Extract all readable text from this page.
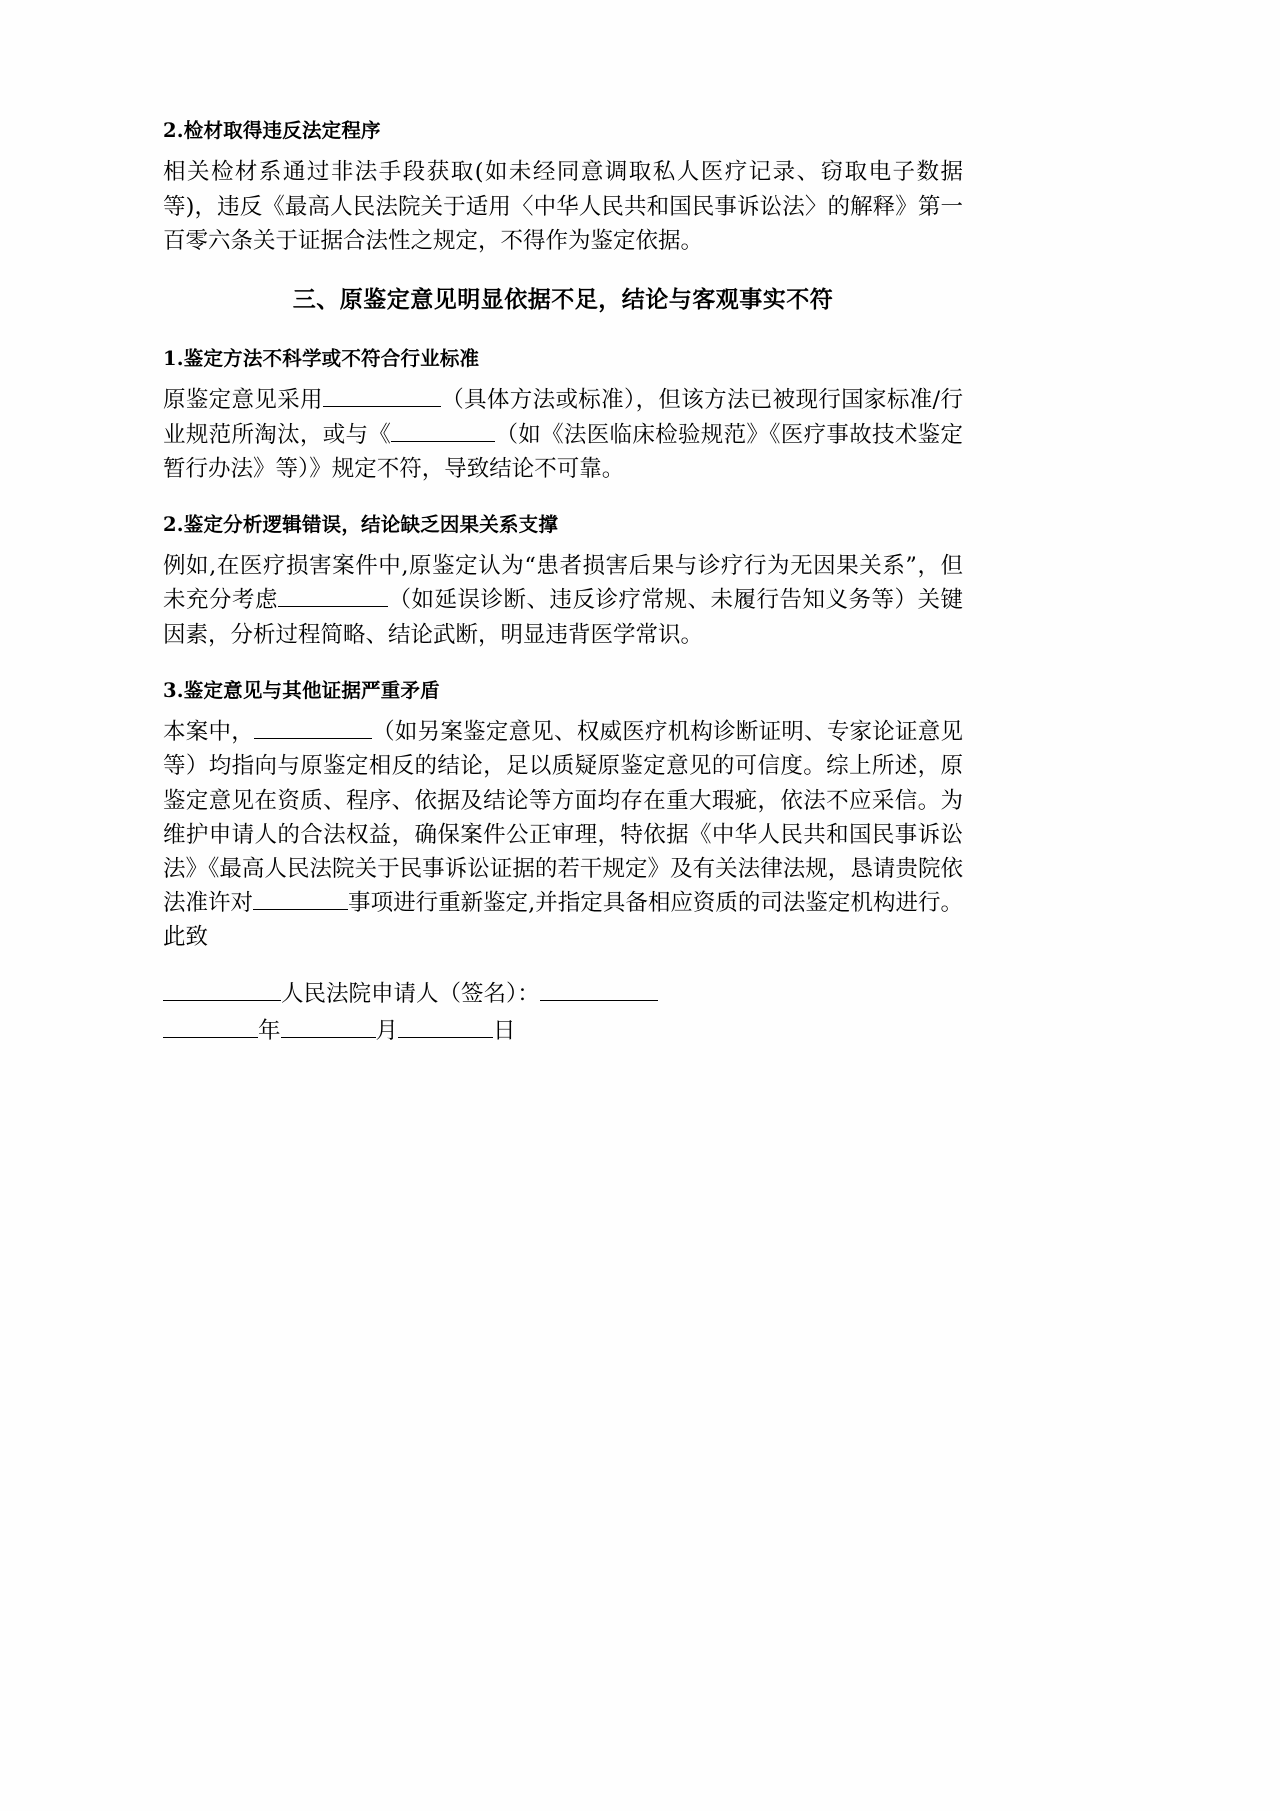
2.检材取得违反法定程序

相关检材系通过非法手段获取(如未经同意调取私人医疗记录、窃取电子数据等)，违反《最高人民法院关于适用〈中华人民共和国民事诉讼法〉的解释》第一百零六条关于证据合法性之规定，不得作为鉴定依据。

三、原鉴定意见明显依据不足，结论与客观事实不符
1.鉴定方法不科学或不符合行业标准

原鉴定意见采用	（具体方法或标准），但该方法已被现行国家标准/行业规范所淘汰，或与《	（如《法医临床检验规范》《医疗事故技术鉴定暂行办法》等）》规定不符，导致结论不可靠。

2.鉴定分析逻辑错误，结论缺乏因果关系支撑

例如,在医疗损害案件中,原鉴定认为“患者损害后果与诊疗行为无因果关系”，但未充分考虑	（如延误诊断、违反诊疗常规、未履行告知义务等）关键因素，分析过程简略、结论武断，明显违背医学常识。

3.鉴定意见与其他证据严重矛盾

本案中，	（如另案鉴定意见、权威医疗机构诊断证明、专家论证意见等）均指向与原鉴定相反的结论，足以质疑原鉴定意见的可信度。综上所述，原鉴定意见在资质、程序、依据及结论等方面均存在重大瑕疵，依法不应采信。为维护申请人的合法权益，确保案件公正审理，特依据《中华人民共和国民事诉讼法》《最高人民法院关于民事诉讼证据的若干规定》及有关法律法规，恳请贵院依法准许对	事项进行重新鉴定,并指定具备相应资质的司法鉴定机构进行。此致

人民法院申请人（签名）：
年	月	日
